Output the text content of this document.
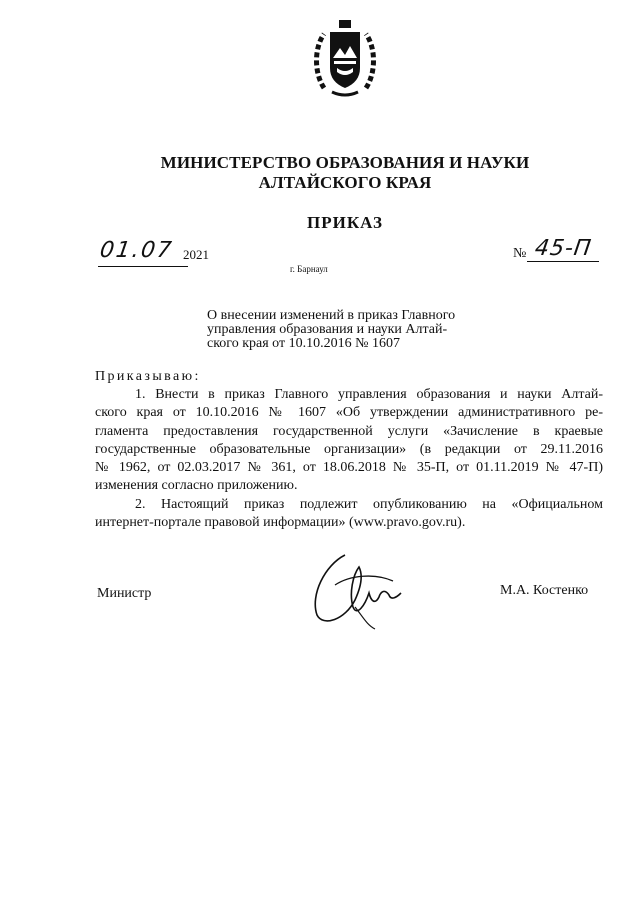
МИНИСТЕРСТВО ОБРАЗОВАНИЯ И НАУКИ
АЛТАЙСКОГО КРАЯ
ПРИКАЗ
01.07 2021
г. Барнаул
№ 45-П
О внесении изменений в приказ Главного
управления образования и науки Алтай-
ского края от 10.10.2016 № 1607
Приказываю:
1. Внести в приказ Главного управления образования и науки Алтай-
ского края от 10.10.2016 № 1607 «Об утверждении административного ре-
гламента предоставления государственной услуги «Зачисление в краевые
государственные образовательные организации» (в редакции от 29.11.2016
№ 1962, от 02.03.2017 № 361, от 18.06.2018 № 35-П, от 01.11.2019 № 47-П)
изменения согласно приложению.
2. Настоящий приказ подлежит опубликованию на «Официальном
интернет-портале правовой информации» (www.pravo.gov.ru).
Министр	М.А. Костенко
